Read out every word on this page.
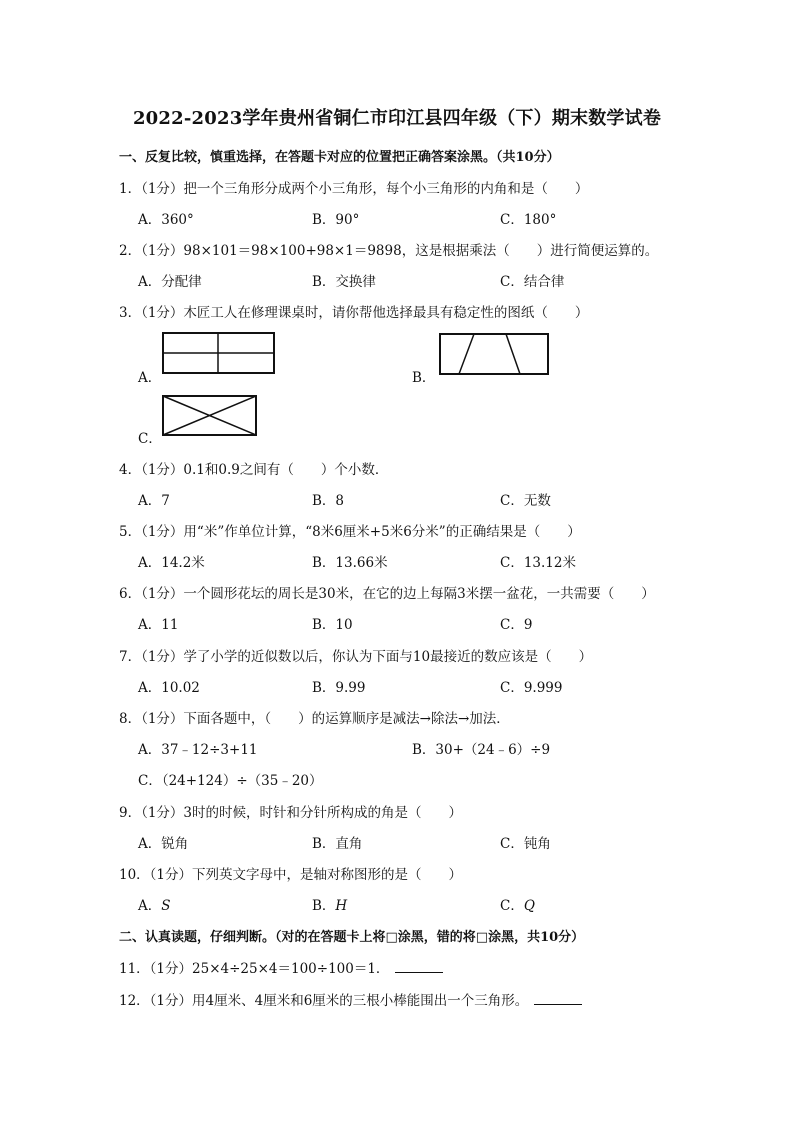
2022-2023学年贵州省铜仁市印江县四年级（下）期末数学试卷
一、反复比较，慎重选择，在答题卡对应的位置把正确答案涂黑。（共10分）
1．（1分）把一个三角形分成两个小三角形，每个小三角形的内角和是（　　）
A．360°	B．90°	C．180°
2．（1分）98×101＝98×100+98×1＝9898，这是根据乘法（　　）进行简便运算的。
A．分配律	B．交换律	C．结合律
3．（1分）木匠工人在修理课桌时，请你帮他选择最具有稳定性的图纸（　　）
A．	B．
C．
4．（1分）0.1和0.9之间有（　　）个小数．
A．7	B．8	C．无数
5．（1分）用“米”作单位计算，“8米6厘米+5米6分米”的正确结果是（　　）
A．14.2米	B．13.66米	C．13.12米
6．（1分）一个圆形花坛的周长是30米，在它的边上每隔3米摆一盆花，一共需要（　　）
A．11	B．10	C．9
7．（1分）学了小学的近似数以后，你认为下面与10最接近的数应该是（　　）
A．10.02	B．9.99	C．9.999
8．（1分）下面各题中，（　　）的运算顺序是减法→除法→加法．
A．37﹣12÷3+11	B．30+（24﹣6）÷9
C．（24+124）÷（35﹣20）
9．（1分）3时的时候，时针和分针所构成的角是（　　）
A．锐角	B．直角	C．钝角
10．（1分）下列英文字母中，是轴对称图形的是（　　）
A．S	B．H	C．Q
二、认真读题，仔细判断。（对的在答题卡上将□涂黑，错的将□涂黑，共10分）
11．（1分）25×4÷25×4＝100÷100＝1．
12．（1分）用4厘米、4厘米和6厘米的三根小棒能围出一个三角形。
